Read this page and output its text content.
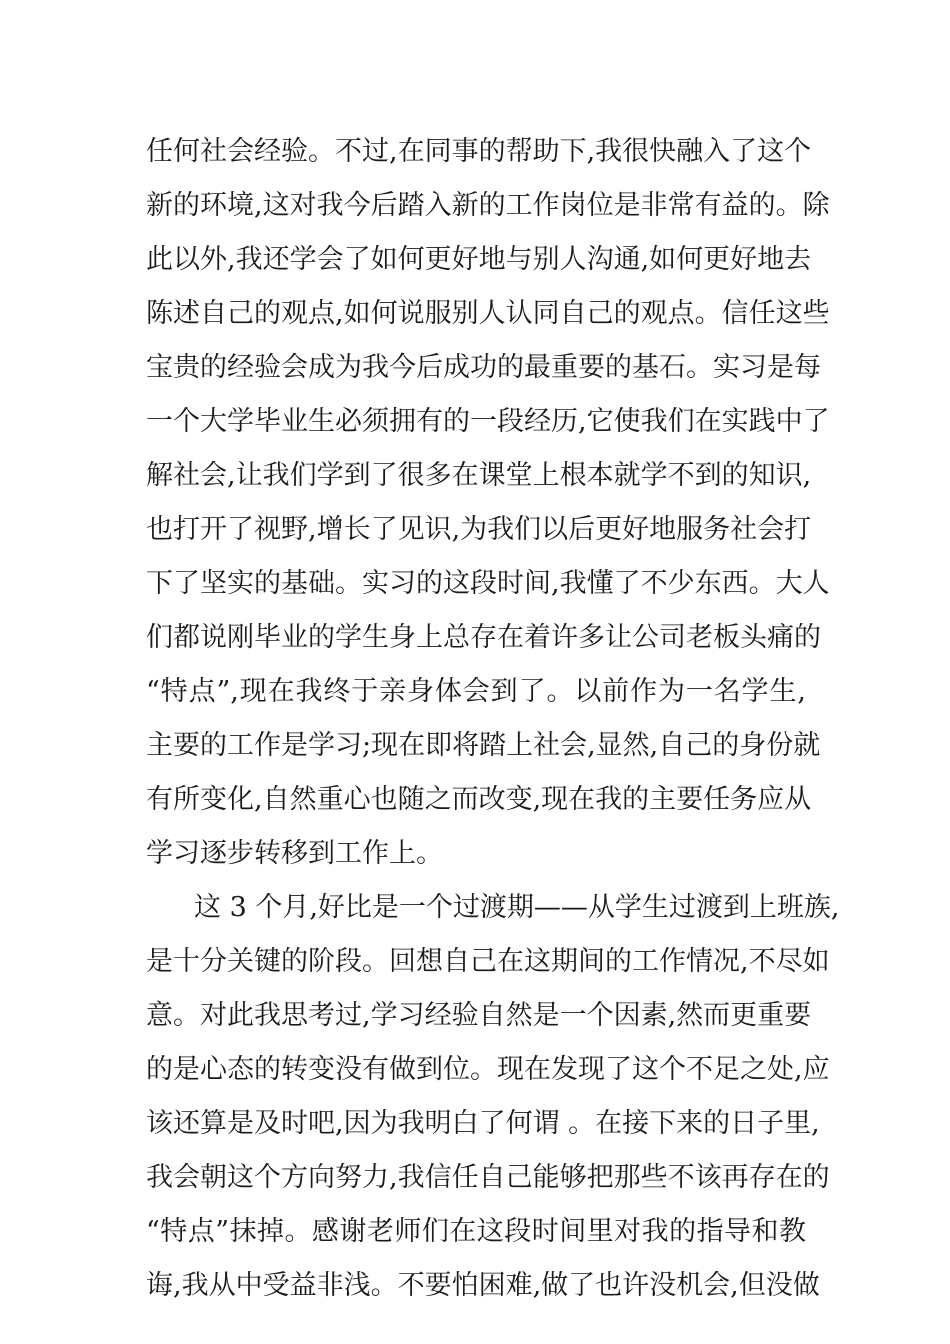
任何社会经验。不过,在同事的帮助下,我很快融入了这个
新的环境,这对我今后踏入新的工作岗位是非常有益的。除
此以外,我还学会了如何更好地与别人沟通,如何更好地去
陈述自己的观点,如何说服别人认同自己的观点。信任这些
宝贵的经验会成为我今后成功的最重要的基石。实习是每
一个大学毕业生必须拥有的一段经历,它使我们在实践中了
解社会,让我们学到了很多在课堂上根本就学不到的知识,
也打开了视野,增长了见识,为我们以后更好地服务社会打
下了坚实的基础。实习的这段时间,我懂了不少东西。大人
们都说刚毕业的学生身上总存在着许多让公司老板头痛的
“特点”,现在我终于亲身体会到了。以前作为一名学生,
主要的工作是学习;现在即将踏上社会,显然,自己的身份就
有所变化,自然重心也随之而改变,现在我的主要任务应从
学习逐步转移到工作上。
这 3 个月,好比是一个过渡期——从学生过渡到上班族,
是十分关键的阶段。回想自己在这期间的工作情况,不尽如
意。对此我思考过,学习经验自然是一个因素,然而更重要
的是心态的转变没有做到位。现在发现了这个不足之处,应
该还算是及时吧,因为我明白了何谓 。在接下来的日子里,
我会朝这个方向努力,我信任自己能够把那些不该再存在的
“特点”抹掉。感谢老师们在这段时间里对我的指导和教
诲,我从中受益非浅。不要怕困难,做了也许没机会,但没做
